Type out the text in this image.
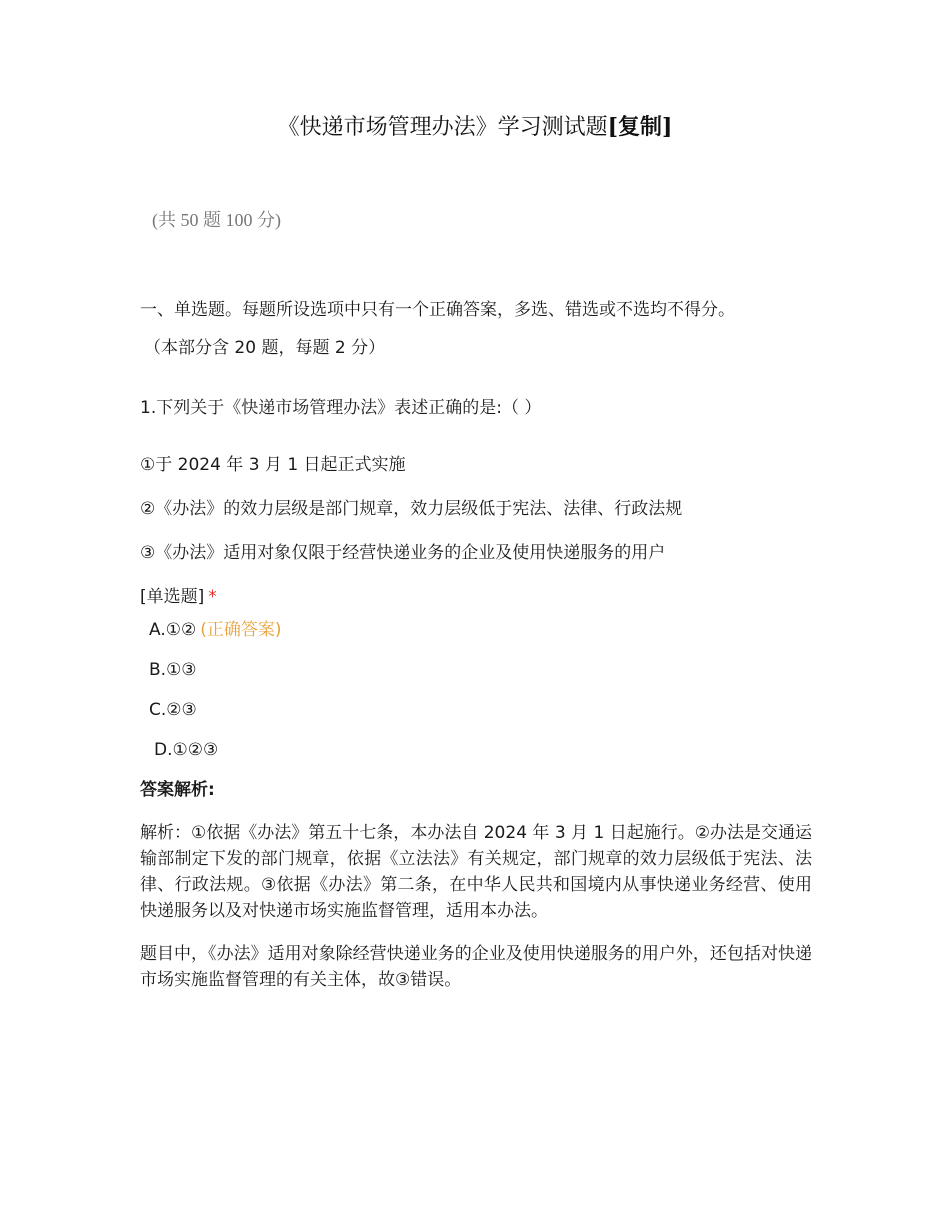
《快递市场管理办法》学习测试题[复制]
(共 50 题 100 分)
一、单选题。每题所设选项中只有一个正确答案，多选、错选或不选均不得分。
（本部分含 20 题，每题 2 分）
1.下列关于《快递市场管理办法》表述正确的是:（ ）
①于 2024 年 3 月 1 日起正式实施
②《办法》的效力层级是部门规章，效力层级低于宪法、法律、行政法规
③《办法》适用对象仅限于经营快递业务的企业及使用快递服务的用户
[单选题] *
A.①② (正确答案)
B.①③
C.②③
D.①②③
答案解析:
解析：①依据《办法》第五十七条，本办法自 2024 年 3 月 1 日起施行。②办法是交通运输部制定下发的部门规章，依据《立法法》有关规定，部门规章的效力层级低于宪法、法律、行政法规。③依据《办法》第二条，在中华人民共和国境内从事快递业务经营、使用快递服务以及对快递市场实施监督管理，适用本办法。
题目中，《办法》适用对象除经营快递业务的企业及使用快递服务的用户外，还包括对快递市场实施监督管理的有关主体，故③错误。
